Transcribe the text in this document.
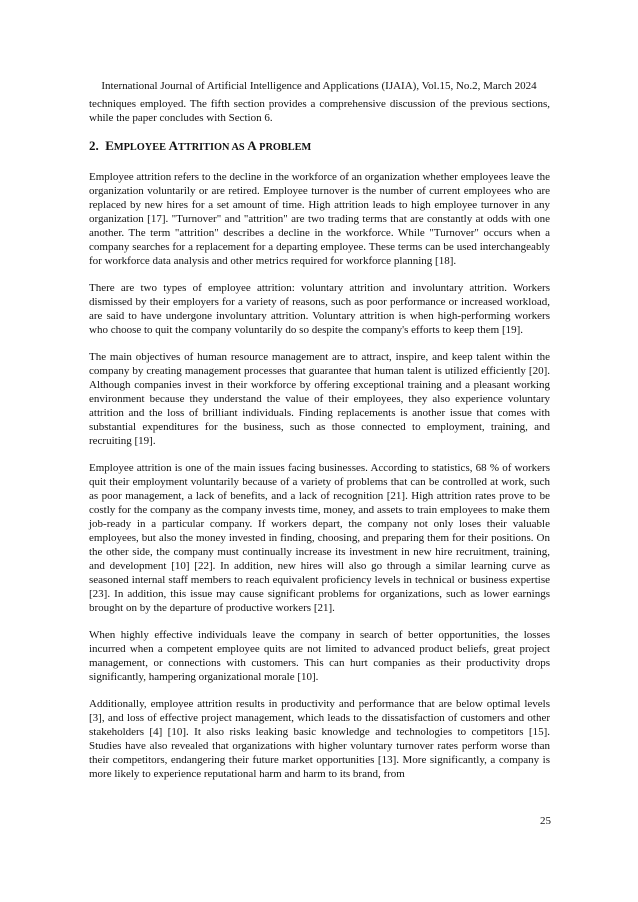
International Journal of Artificial Intelligence and Applications (IJAIA), Vol.15, No.2, March 2024

techniques employed. The fifth section provides a comprehensive discussion of the previous sections, while the paper concludes with Section 6.

2. EMPLOYEE ATTRITION AS A PROBLEM

Employee attrition refers to the decline in the workforce of an organization whether employees leave the organization voluntarily or are retired. Employee turnover is the number of current employees who are replaced by new hires for a set amount of time. High attrition leads to high employee turnover in any organization [17]. "Turnover" and "attrition" are two trading terms that are constantly at odds with one another. The term "attrition" describes a decline in the workforce. While "Turnover" occurs when a company searches for a replacement for a departing employee. These terms can be used interchangeably for workforce data analysis and other metrics required for workforce planning [18].

There are two types of employee attrition: voluntary attrition and involuntary attrition. Workers dismissed by their employers for a variety of reasons, such as poor performance or increased workload, are said to have undergone involuntary attrition. Voluntary attrition is when high-performing workers who choose to quit the company voluntarily do so despite the company's efforts to keep them [19].

The main objectives of human resource management are to attract, inspire, and keep talent within the company by creating management processes that guarantee that human talent is utilized efficiently [20]. Although companies invest in their workforce by offering exceptional training and a pleasant working environment because they understand the value of their employees, they also experience voluntary attrition and the loss of brilliant individuals. Finding replacements is another issue that comes with substantial expenditures for the business, such as those connected to employment, training, and recruiting [19].

Employee attrition is one of the main issues facing businesses. According to statistics, 68 % of workers quit their employment voluntarily because of a variety of problems that can be controlled at work, such as poor management, a lack of benefits, and a lack of recognition [21]. High attrition rates prove to be costly for the company as the company invests time, money, and assets to train employees to make them job-ready in a particular company. If workers depart, the company not only loses their valuable employees, but also the money invested in finding, choosing, and preparing them for their positions. On the other side, the company must continually increase its investment in new hire recruitment, training, and development [10] [22]. In addition, new hires will also go through a similar learning curve as seasoned internal staff members to reach equivalent proficiency levels in technical or business expertise [23]. In addition, this issue may cause significant problems for organizations, such as lower earnings brought on by the departure of productive workers [21].

When highly effective individuals leave the company in search of better opportunities, the losses incurred when a competent employee quits are not limited to advanced product beliefs, great project management, or connections with customers. This can hurt companies as their productivity drops significantly, hampering organizational morale [10].

Additionally, employee attrition results in productivity and performance that are below optimal levels [3], and loss of effective project management, which leads to the dissatisfaction of customers and other stakeholders [4] [10]. It also risks leaking basic knowledge and technologies to competitors [15]. Studies have also revealed that organizations with higher voluntary turnover rates perform worse than their competitors, endangering their future market opportunities [13]. More significantly, a company is more likely to experience reputational harm and harm to its brand, from

25
